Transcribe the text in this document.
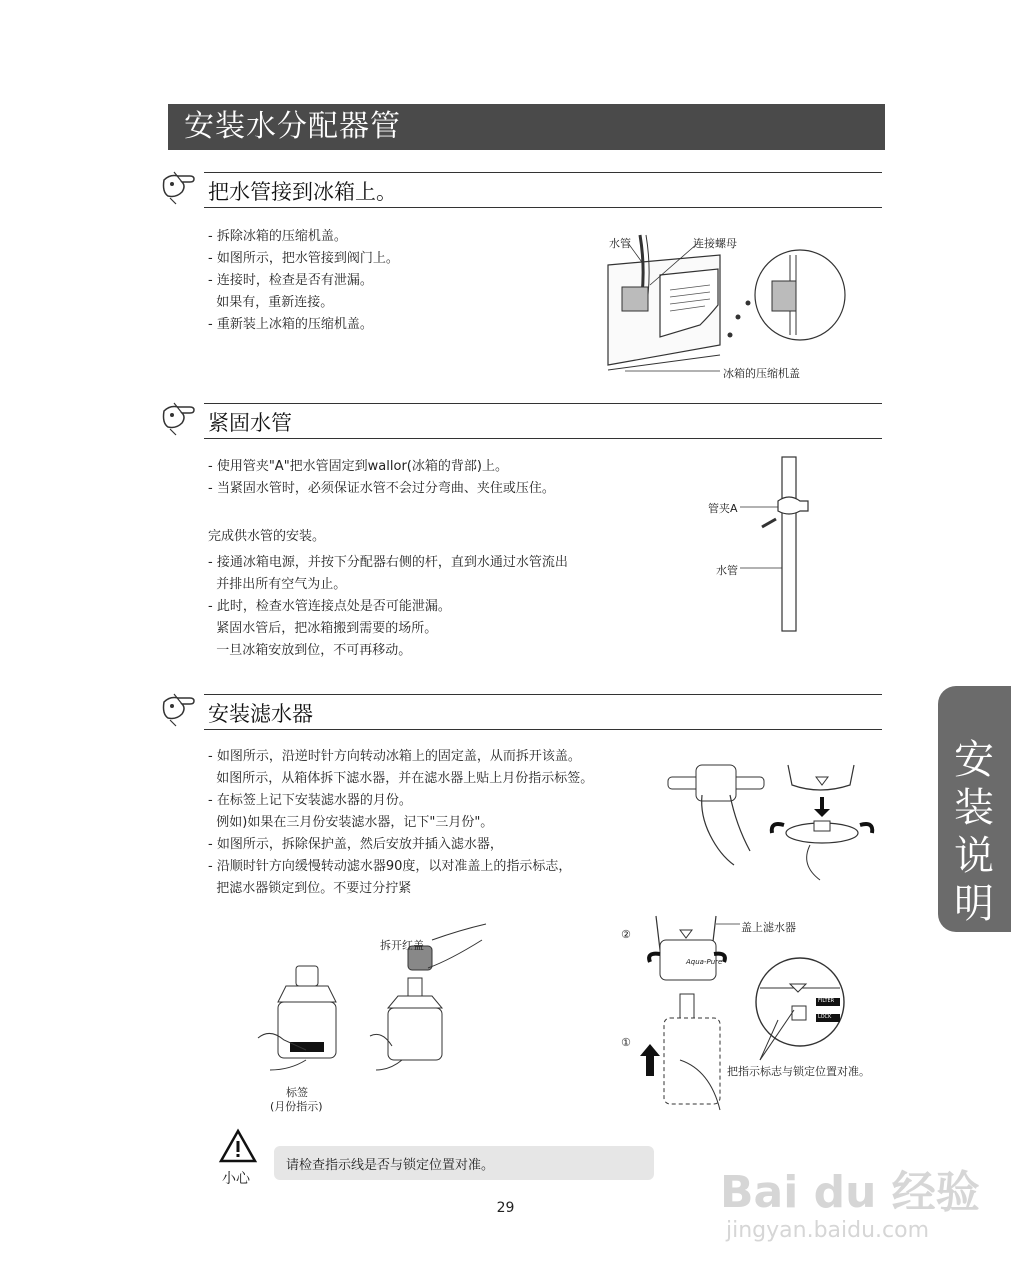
安装水分配器管
把水管接到冰箱上。
- 拆除冰箱的压缩机盖。
- 如图所示，把水管接到阀门上。
- 连接时，检查是否有泄漏。
如果有，重新连接。
- 重新装上冰箱的压缩机盖。
水管	连接螺母
冰箱的压缩机盖
紧固水管
- 使用管夹"A"把水管固定到wallor(冰箱的背部)上。
- 当紧固水管时，必须保证水管不会过分弯曲、夹住或压住。
完成供水管的安装。
- 接通冰箱电源，并按下分配器右侧的杆，直到水通过水管流出
并排出所有空气为止。
- 此时，检查水管连接点处是否可能泄漏。
紧固水管后，把冰箱搬到需要的场所。
一旦冰箱安放到位，不可再移动。
管夹A
水管
安装滤水器
- 如图所示，沿逆时针方向转动冰箱上的固定盖，从而拆开该盖。
如图所示，从箱体拆下滤水器，并在滤水器上贴上月份指示标签。
- 在标签上记下安装滤水器的月份。
例如)如果在三月份安装滤水器，记下"三月份"。
- 如图所示，拆除保护盖，然后安放并插入滤水器，
- 沿顺时针方向缓慢转动滤水器90度，以对准盖上的指示标志，
把滤水器锁定到位。不要过分拧紧
拆开红盖
标签
(月份指示)
②
①
盖上滤水器
把指示标志与锁定位置对准。
Aqua-Pure
FILTER
LOCK
小心
请检查指示线是否与锁定位置对准。
安装说明
29	Bai du 经验
jingyan.baidu.com
